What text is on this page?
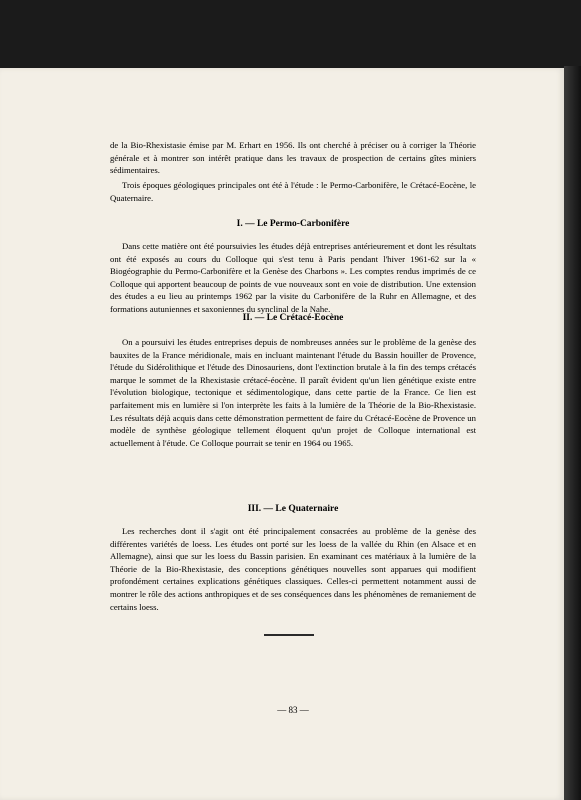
de la Bio-Rhexistasie émise par M. Erhart en 1956. Ils ont cherché à préciser ou à corriger la Théorie générale et à montrer son intérêt pratique dans les travaux de prospection de certains gîtes miniers sédimentaires.

Trois époques géologiques principales ont été à l'étude : le Permo-Carbonifère, le Crétacé-Eocène, le Quaternaire.

I. — Le Permo-Carbonifère

Dans cette matière ont été poursuivies les études déjà entreprises antérieurement et dont les résultats ont été exposés au cours du Colloque qui s'est tenu à Paris pendant l'hiver 1961-62 sur la « Biogéographie du Permo-Carbonifère et la Genèse des Charbons ». Les comptes rendus imprimés de ce Colloque qui apportent beaucoup de points de vue nouveaux sont en voie de distribution. Une extension des études a eu lieu au printemps 1962 par la visite du Carbonifère de la Ruhr en Allemagne, et des formations autuniennes et saxoniennes du synclinal de la Nahe.

II. — Le Crétacé-Eocène

On a poursuivi les études entreprises depuis de nombreuses années sur le problème de la genèse des bauxites de la France méridionale, mais en incluant maintenant l'étude du Bassin houiller de Provence, l'étude du Sidérolithique et l'étude des Dinosauriens, dont l'extinction brutale à la fin des temps crétacés marque le sommet de la Rhexistasie crétacé-éocène. Il paraît évident qu'un lien génétique existe entre l'évolution biologique, tectonique et sédimentologique, dans cette partie de la France. Ce lien est parfaitement mis en lumière si l'on interprète les faits à la lumière de la Théorie de la Bio-Rhexistasie. Les résultats déjà acquis dans cette démonstration permettent de faire du Crétacé-Eocène de Provence un modèle de synthèse géologique tellement éloquent qu'un projet de Colloque international est actuellement à l'étude. Ce Colloque pourrait se tenir en 1964 ou 1965.

III. — Le Quaternaire

Les recherches dont il s'agit ont été principalement consacrées au problème de la genèse des différentes variétés de loess. Les études ont porté sur les loess de la vallée du Rhin (en Alsace et en Allemagne), ainsi que sur les loess du Bassin parisien. En examinant ces matériaux à la lumière de la Théorie de la Bio-Rhexistasie, des conceptions génétiques nouvelles sont apparues qui modifient profondément certaines explications génétiques classiques. Celles-ci permettent notamment aussi de montrer le rôle des actions anthropiques et de ses conséquences dans les phénomènes de remaniement de certains loess.

— 83 —
